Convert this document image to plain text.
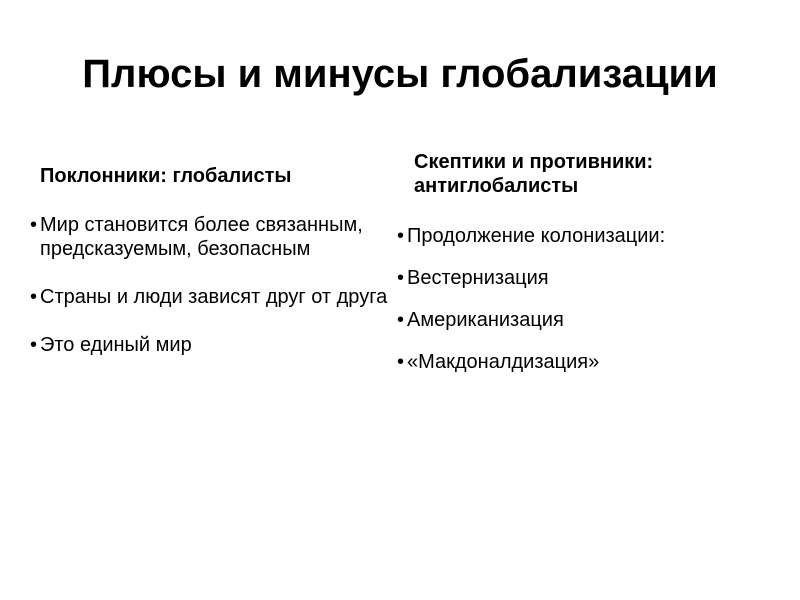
Плюсы и минусы глобализации
Поклонники: глобалисты
Скептики и противники:
антиглобалисты
• Мир становится более связанным, предсказуемым, безопасным
• Страны и люди зависят друг от друга
• Это единый мир
• Продолжение колонизации:
• Вестернизация
• Американизация
• «Макдоналдизация»
